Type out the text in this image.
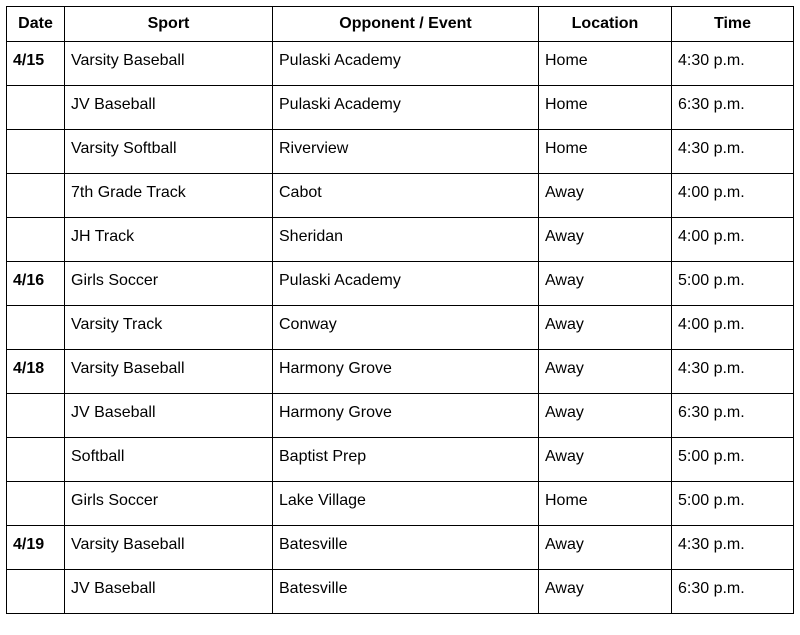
Date	Sport	Opponent / Event	Location	Time
4/15	Varsity Baseball	Pulaski Academy	Home	4:30 p.m.
	JV Baseball	Pulaski Academy	Home	6:30 p.m.
	Varsity Softball	Riverview	Home	4:30 p.m.
	7th Grade Track	Cabot	Away	4:00 p.m.
	JH Track	Sheridan	Away	4:00 p.m.
4/16	Girls Soccer	Pulaski Academy	Away	5:00 p.m.
	Varsity Track	Conway	Away	4:00 p.m.
4/18	Varsity Baseball	Harmony Grove	Away	4:30 p.m.
	JV Baseball	Harmony Grove	Away	6:30 p.m.
	Softball	Baptist Prep	Away	5:00 p.m.
	Girls Soccer	Lake Village	Home	5:00 p.m.
4/19	Varsity Baseball	Batesville	Away	4:30 p.m.
	JV Baseball	Batesville	Away	6:30 p.m.
